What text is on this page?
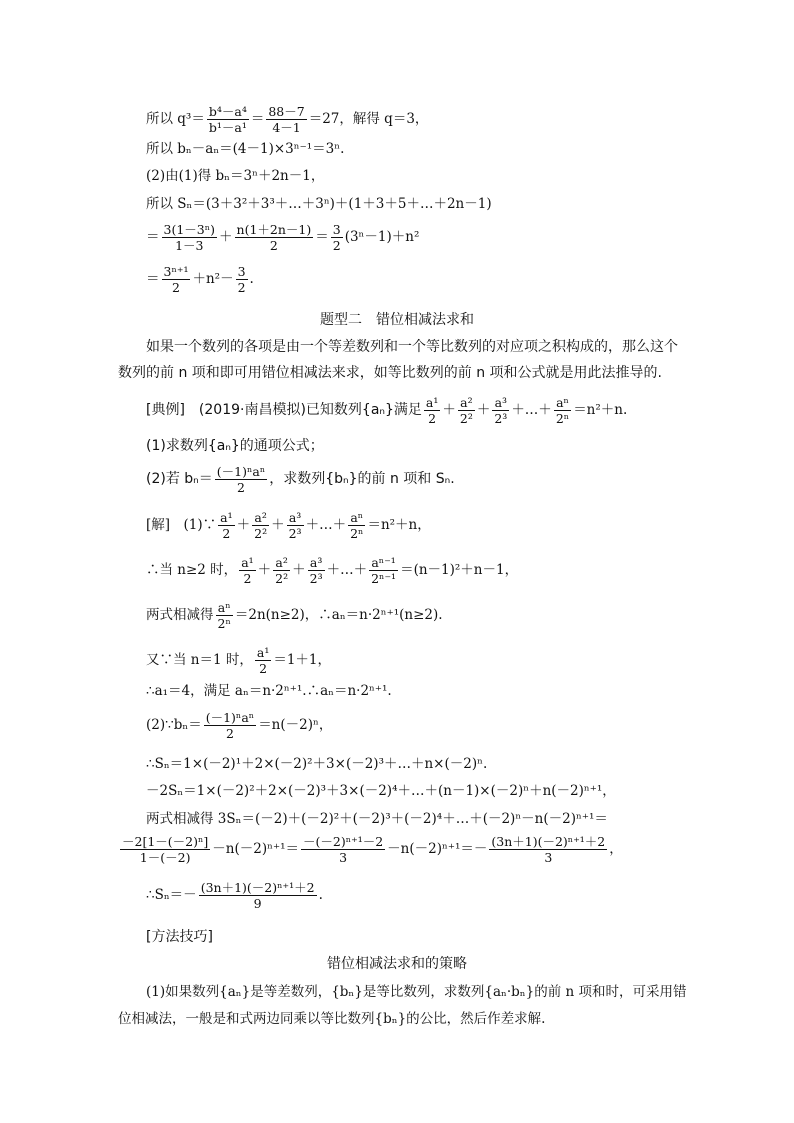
所以 $q^3= \frac{\text{b⁴－a⁴}}{\text{b¹－a¹}} = \frac{88-7}{4-1} =27$，解得 q＝3，
所以 bₙ－aₙ＝(4－1)×3ⁿ⁻¹＝3ⁿ.
(2)由(1)得 bₙ＝3ⁿ＋2n－1，
所以 Sₙ＝(3＋3²＋3³＋…＋3ⁿ)＋(1＋3＋5＋…＋2n－1)
＝ $\frac{\text{3(1－3ⁿ)}}{1-3} + \frac{n(1+2n-1)}{2} = \frac{3}{2} (3^n-1)+n^2$
＝ $\frac{\text{3ⁿ⁺¹}}{2} +n^2- \frac{3}{2}$ .
题型二　错位相减法求和
如果一个数列的各项是由一个等差数列和一个等比数列的对应项之积构成的，那么这个
数列的前 n 项和即可用错位相减法来求，如等比数列的前 n 项和公式就是用此法推导的.
[典例]　(2019·南昌模拟)已知数列{aₙ}满足 $\frac{\text{a¹}}{2} + \frac{\text{a²}}{\text{2²}} + \frac{\text{a³}}{\text{2³}}$ ＋…＋ $\frac{\text{aⁿ}}{\text{2ⁿ}} =n^2+n$.
(1)求数列{aₙ}的通项公式；
(2)若 $b_n= \frac{\text{(－1)ⁿaⁿ}}{2}$ ，求数列{bₙ}的前 n 项和 Sₙ.
[解]　(1)∵ $\frac{\text{a¹}}{2} + \frac{\text{a²}}{\text{2²}} + \frac{\text{a³}}{\text{2³}}$ ＋…＋ $\frac{\text{aⁿ}}{\text{2ⁿ}} =n^2+n$，
∴当 n≥2 时， $\frac{\text{a¹}}{2} + \frac{\text{a²}}{\text{2²}} + \frac{\text{a³}}{\text{2³}}$ ＋…＋ $\frac{\text{aⁿ⁻¹}}{\text{2ⁿ⁻¹}} =(n-1)^2+n-1$，
两式相减得 $\frac{\text{aⁿ}}{\text{2ⁿ}} =2n(n\ge 2)$，∴aₙ＝n·2ⁿ⁺¹(n≥2).
又∵当 n＝1 时， $\frac{\text{a¹}}{2} =1+1$，
∴a₁＝4，满足 aₙ＝n·2ⁿ⁺¹.∴aₙ＝n·2ⁿ⁺¹.
(2)∵bₙ＝ $\frac{\text{(－1)ⁿaⁿ}}{2} =n(-2)^n$，
∴Sₙ＝1×(－2)¹＋2×(－2)²＋3×(－2)³＋…＋n×(－2)ⁿ.
－2Sₙ＝1×(－2)²＋2×(－2)³＋3×(－2)⁴＋…＋(n－1)×(－2)ⁿ＋n(－2)ⁿ⁺¹，
两式相减得 3Sₙ＝(－2)＋(－2)²＋(－2)³＋(－2)⁴＋…＋(－2)ⁿ－n(－2)ⁿ⁺¹＝
$\frac{\text{－2[1－(－2)ⁿ]}}{1-(-2)} -n(-2)^{n+1}= \frac{\text{－(－2)ⁿ⁺¹－2}}{3} -n(-2)^{n+1}=- \frac{\text{(3n＋1)(－2)ⁿ⁺¹＋2}}{3}$ ，
∴Sₙ＝－ $\frac{\text{(3n＋1)(－2)ⁿ⁺¹＋2}}{9}$ .
[方法技巧]
错位相减法求和的策略
(1)如果数列{aₙ}是等差数列，{bₙ}是等比数列，求数列{aₙ·bₙ}的前 n 项和时，可采用错
位相减法，一般是和式两边同乘以等比数列{bₙ}的公比，然后作差求解.
